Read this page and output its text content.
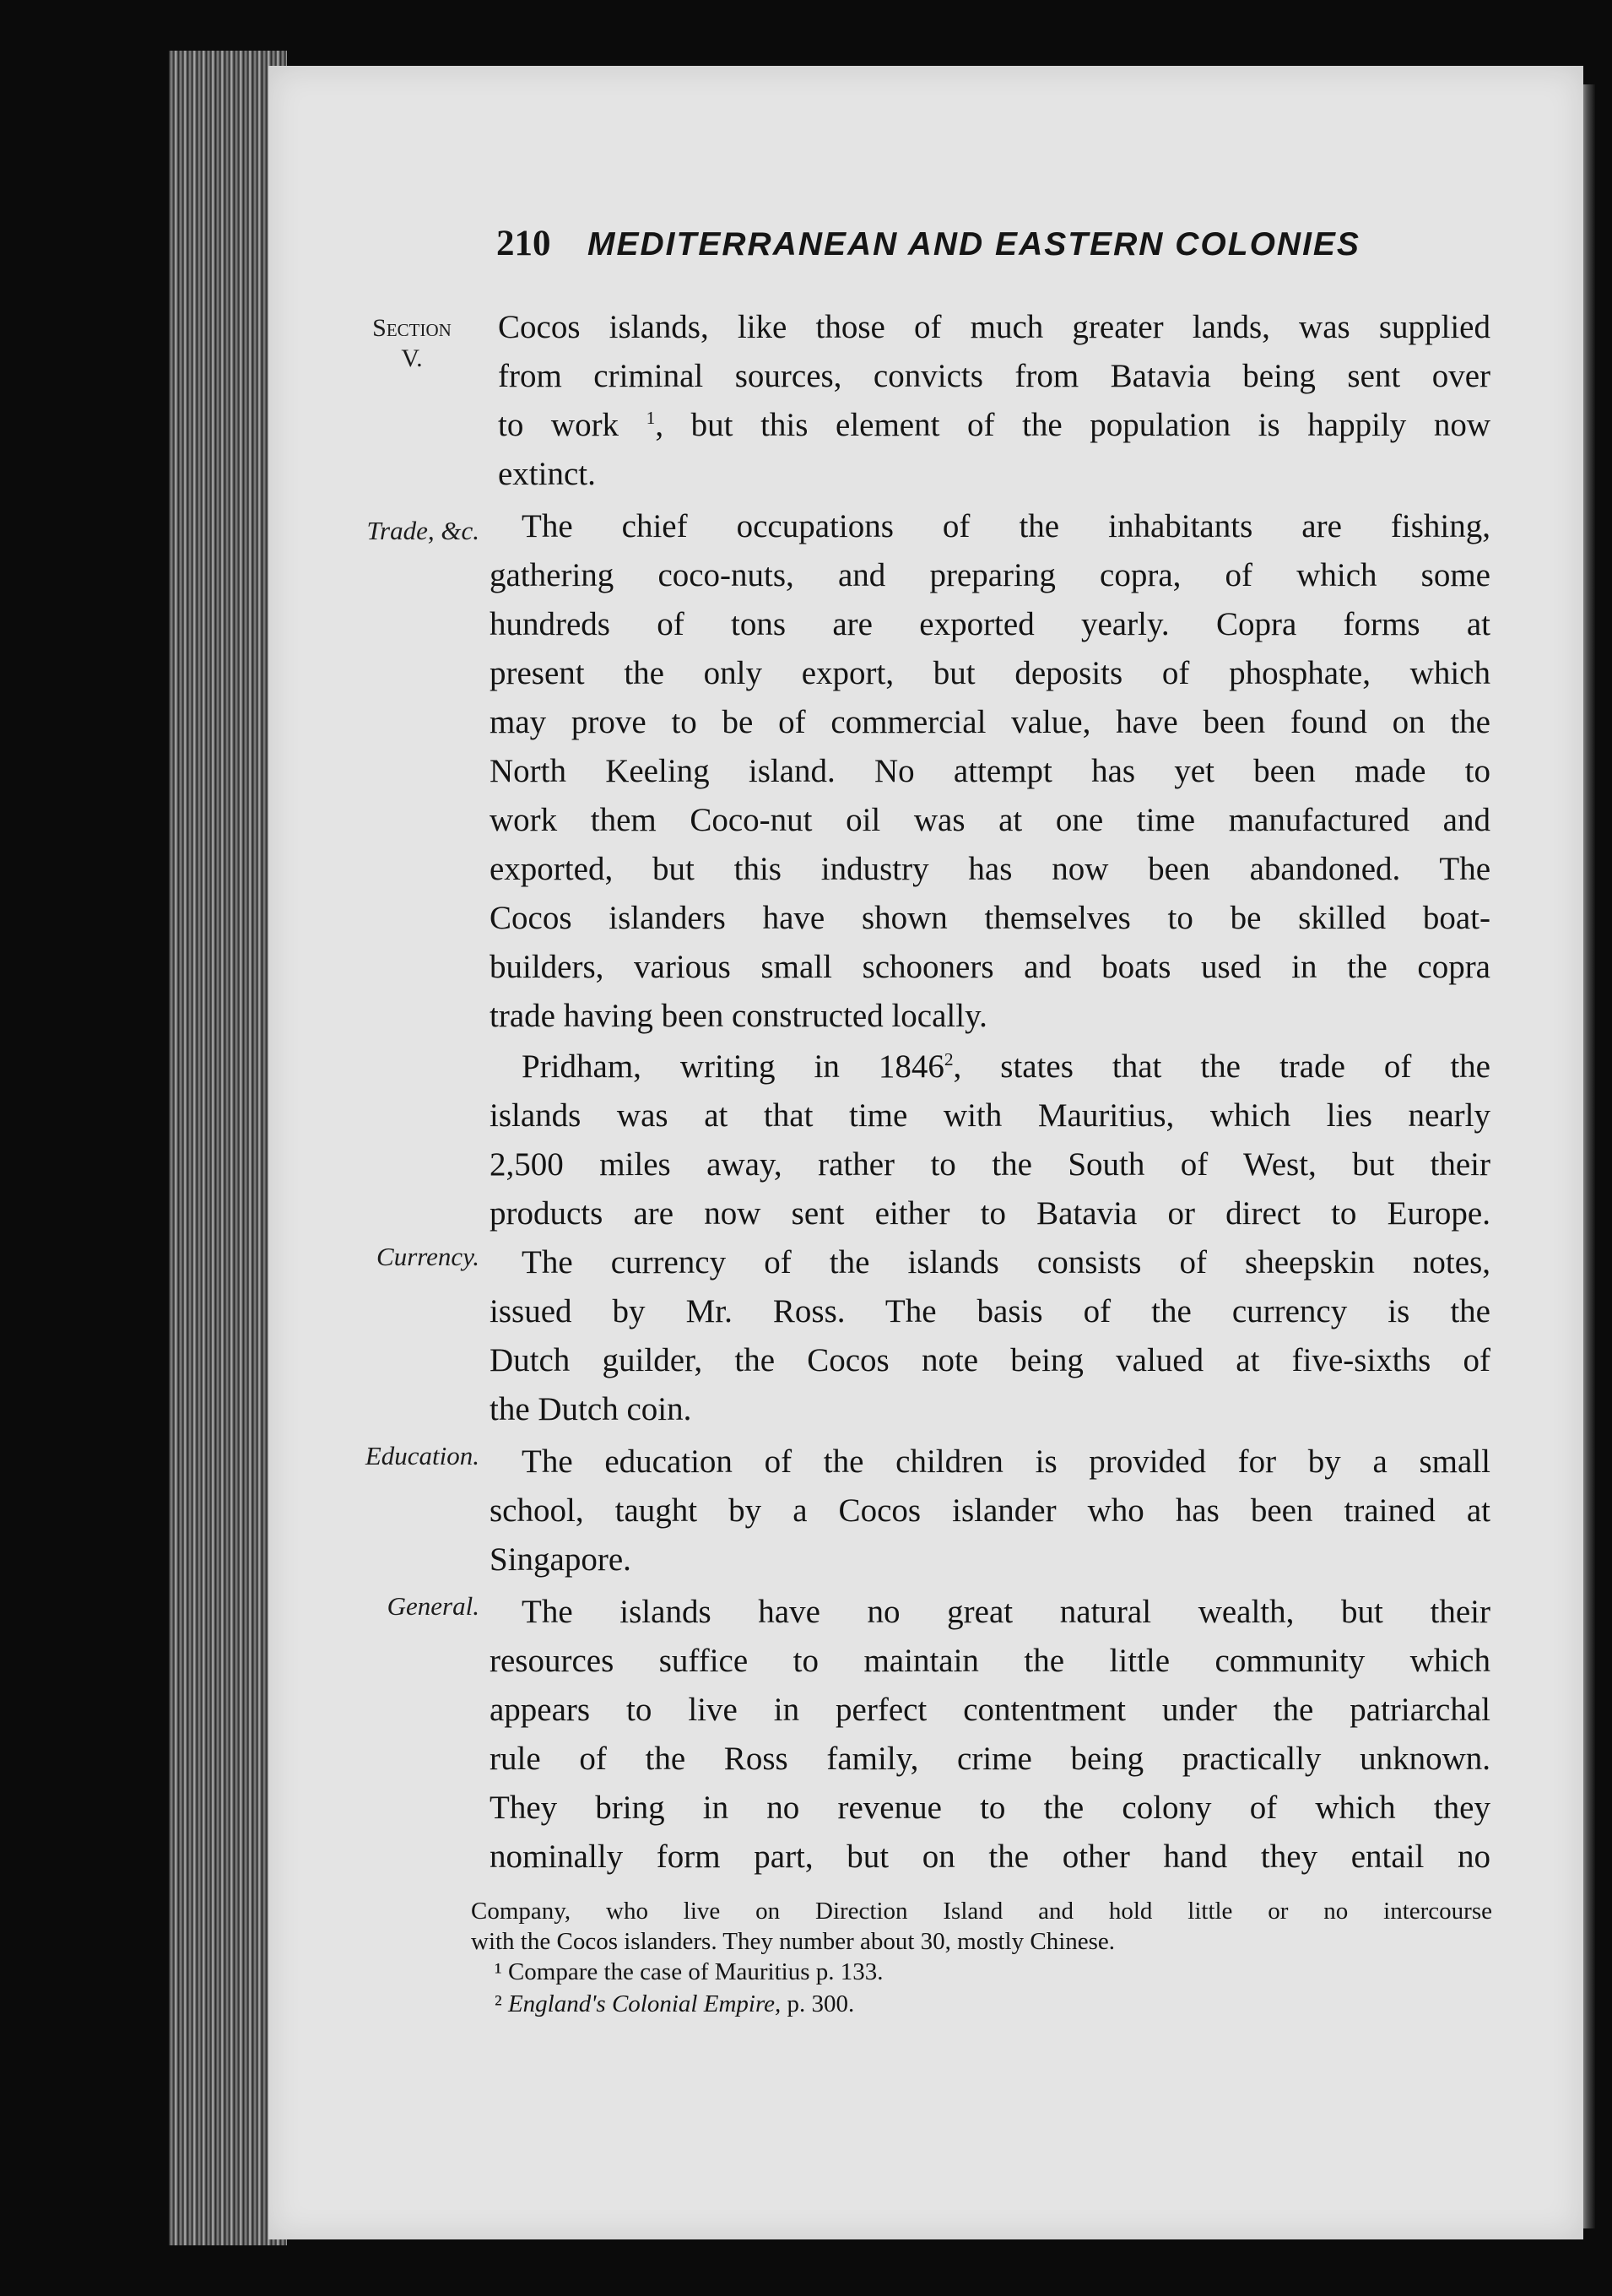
210 MEDITERRANEAN AND EASTERN COLONIES
Section
V.
Trade, &c.
Currency.
Education.
General.
Cocos islands, like those of much greater lands, was supplied
from criminal sources, convicts from Batavia being sent over
to work $^1$, but this element of the population is happily now
extinct.
The chief occupations of the inhabitants are fishing,
gathering coco-nuts, and preparing copra, of which some
hundreds of tons are exported yearly. Copra forms at
present the only export, but deposits of phosphate, which
may prove to be of commercial value, have been found on the
North Keeling island. No attempt has yet been made to
work them Coco-nut oil was at one time manufactured and
exported, but this industry has now been abandoned. The
Cocos islanders have shown themselves to be skilled boat-
builders, various small schooners and boats used in the copra
trade having been constructed locally.
Pridham, writing in 1846$^2$, states that the trade of the
islands was at that time with Mauritius, which lies nearly
2,500 miles away, rather to the South of West, but their
products are now sent either to Batavia or direct to Europe.
The currency of the islands consists of sheepskin notes,
issued by Mr. Ross. The basis of the currency is the
Dutch guilder, the Cocos note being valued at five-sixths of
the Dutch coin.
The education of the children is provided for by a small
school, taught by a Cocos islander who has been trained at
Singapore.
The islands have no great natural wealth, but their
resources suffice to maintain the little community which
appears to live in perfect contentment under the patriarchal
rule of the Ross family, crime being practically unknown.
They bring in no revenue to the colony of which they
nominally form part, but on the other hand they entail no
Company, who live on Direction Island and hold little or no intercourse
with the Cocos islanders. They number about 30, mostly Chinese.
¹ Compare the case of Mauritius p. 133.
² England's Colonial Empire, p. 300.
